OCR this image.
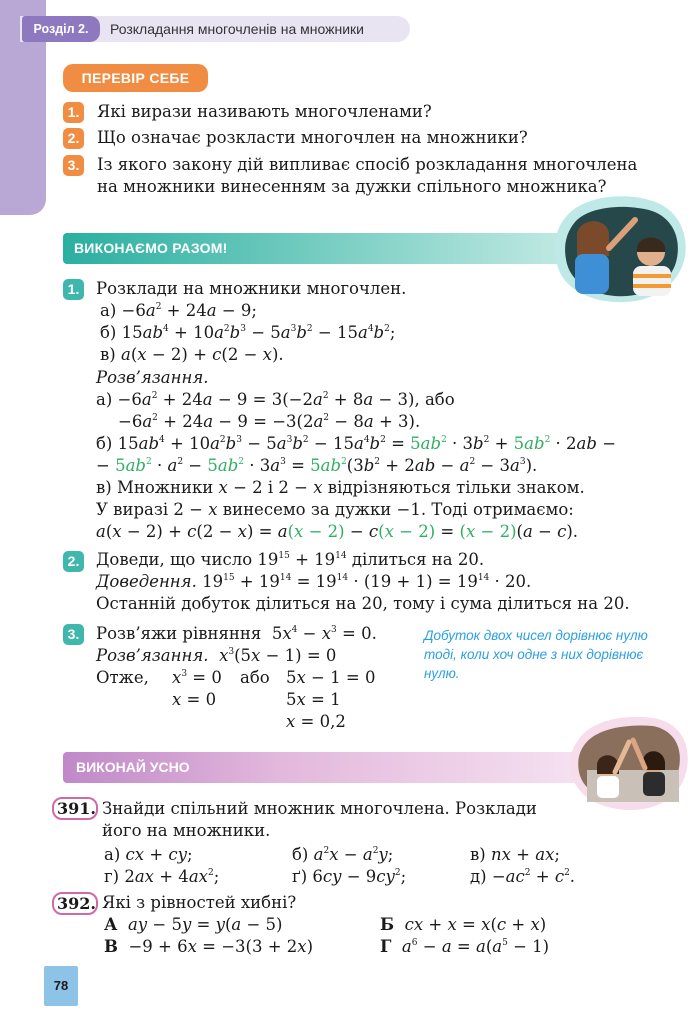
Розділ 2.	Розкладання многочленів на множники
ПЕРЕВІР СЕБЕ
1. Які вирази називають многочленами?
2. Що означає розкласти многочлен на множники?
3. Із якого закону дій випливає спосіб розкладання многочлена
на множники винесенням за дужки спільного множника?
ВИКОНАЄМО РАЗОМ!
1. Розклади на множники многочлен.
$а) -6a^2 + 24a - 9$;
б) $15ab^4 + 10a^2b^3 - 5a^3b^2 - 15a^4b^2$;
в) a(x − 2) + c(2 − x).
Розв’язання.
$а) -6a^2 + 24a - 9 = 3(-2a^2 + 8a - 3)$, або
$-6a^2 + 24a - 9 = -3(2a^2 - 8a + 3)$.
б) $15ab^4 + 10a^2b^3 - 5a^3b^2 - 15a^4b^2 = 5ab^2 \cdot 3b^2 + 5ab^2 \cdot 2ab$ −
− $5ab^2 \cdot a^2 - 5ab^2 \cdot 3a^3 = 5ab^2(3b^2 + 2ab - a^2 - 3a^3)$.
в) Множники x − 2 і 2 − x відрізняються тільки знаком.
У виразі 2 − x винесемо за дужки −1. Тоді отримаємо:
a(x − 2) + c(2 − x) = a(x − 2) − c(x − 2) = (x − 2)(a − c).
2. Доведи, що число $19^{15} + 19^{14}$ ділиться на 20.
Доведення. $19^{15} + 19^{14} = 19^{14} \cdot (19 + 1) = 19^{14} \cdot 20$.
Останній добуток ділиться на 20, тому і сума ділиться на 20.
3. Розв’яжи рівняння  $5x^4 - x^3 = 0$.
Розв’язання. $x^3(5x - 1) = 0$
Отже, $x^3 = 0$ або 5x − 1 = 0
x = 0	5x = 1
x = 0,2
Добуток двох чисел дорівнює нулю тоді, коли хоч одне з них дорівнює нулю.
ВИКОНАЙ УСНО
391. Знайди спільний множник многочлена. Розклади
його на множники.
а) cx + cy;	б) $a^2x - a^2y$;	в) nx + ax;
г) $2ax + 4ax^2$;	ґ) $6cy - 9cy^2$;	$д) -ac^2 + c^2$.
392. Які з рівностей хибні?
А ay − 5y = y(a − 5)	Б cx + x = x(c + x)
В  −9 + 6x = −3(3 + 2x)	Г $a^6 - a = a(a^5 - 1)$
78
